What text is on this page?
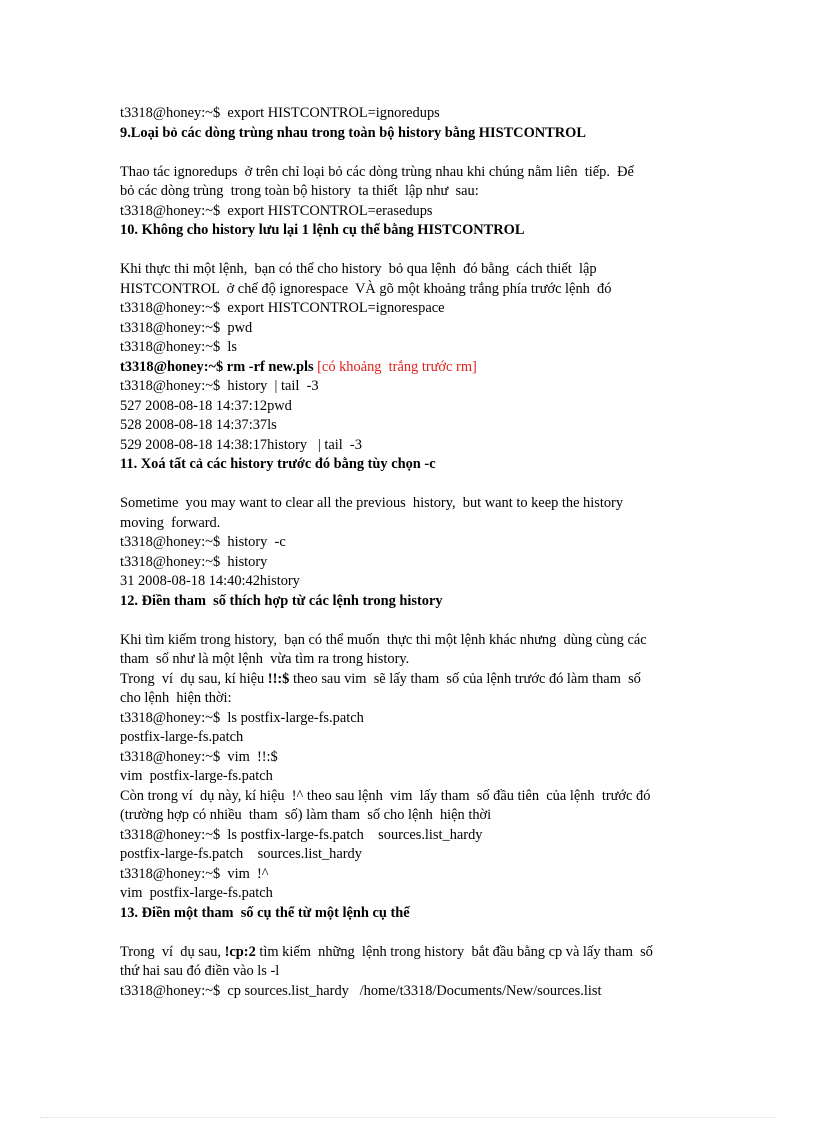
t3318@honey:~$  export HISTCONTROL=ignoredups
9.Loại bỏ các dòng trùng nhau trong toàn bộ history bằng HISTCONTROL
Thao tác ignoredups  ở trên chỉ loại bỏ các dòng trùng nhau khi chúng nằm liên  tiếp.  Để
bỏ các dòng trùng  trong toàn bộ history  ta thiết  lập như  sau:
t3318@honey:~$  export HISTCONTROL=erasedups
10. Không cho history lưu lại 1 lệnh cụ thể bằng HISTCONTROL
Khi thực thi một lệnh,  bạn có thể cho history  bỏ qua lệnh  đó bằng  cách thiết  lập
HISTCONTROL  ở chế độ ignorespace  VÀ gõ một khoảng trắng phía trước lệnh  đó
t3318@honey:~$  export HISTCONTROL=ignorespace
t3318@honey:~$  pwd
t3318@honey:~$  ls
t3318@honey:~$ rm -rf new.pls [có khoảng  trắng trước rm]
t3318@honey:~$  history  | tail  -3
527 2008-08-18 14:37:12pwd
528 2008-08-18 14:37:37ls
529 2008-08-18 14:38:17history   | tail  -3
11. Xoá tất cả các history trước đó bằng tùy chọn -c
Sometime  you may want to clear all the previous  history,  but want to keep the history
moving  forward.
t3318@honey:~$  history  -c
t3318@honey:~$  history
31 2008-08-18 14:40:42history
12. Điền tham  số thích hợp từ các lệnh trong history
Khi tìm kiếm trong history,  bạn có thể muốn  thực thi một lệnh khác nhưng  dùng cùng các
tham  số như là một lệnh  vừa tìm ra trong history.
Trong  ví  dụ sau, kí hiệu !!:$ theo sau vim  sẽ lấy tham  số của lệnh trước đó làm tham  số
cho lệnh  hiện thời:
t3318@honey:~$  ls postfix-large-fs.patch
postfix-large-fs.patch
t3318@honey:~$  vim  !!:$
vim  postfix-large-fs.patch
Còn trong ví  dụ này, kí hiệu  !^ theo sau lệnh  vim  lấy tham  số đầu tiên  của lệnh  trước đó
(trường hợp có nhiều  tham  số) làm tham  số cho lệnh  hiện thời
t3318@honey:~$  ls postfix-large-fs.patch    sources.list_hardy
postfix-large-fs.patch    sources.list_hardy
t3318@honey:~$  vim  !^
vim  postfix-large-fs.patch
13. Điền một tham  số cụ thể từ một lệnh cụ thể
Trong  ví  dụ sau, !cp:2 tìm kiếm  những  lệnh trong history  bắt đầu bằng cp và lấy tham  số
thứ hai sau đó điền vào ls -l
t3318@honey:~$  cp sources.list_hardy   /home/t3318/Documents/New/sources.list
